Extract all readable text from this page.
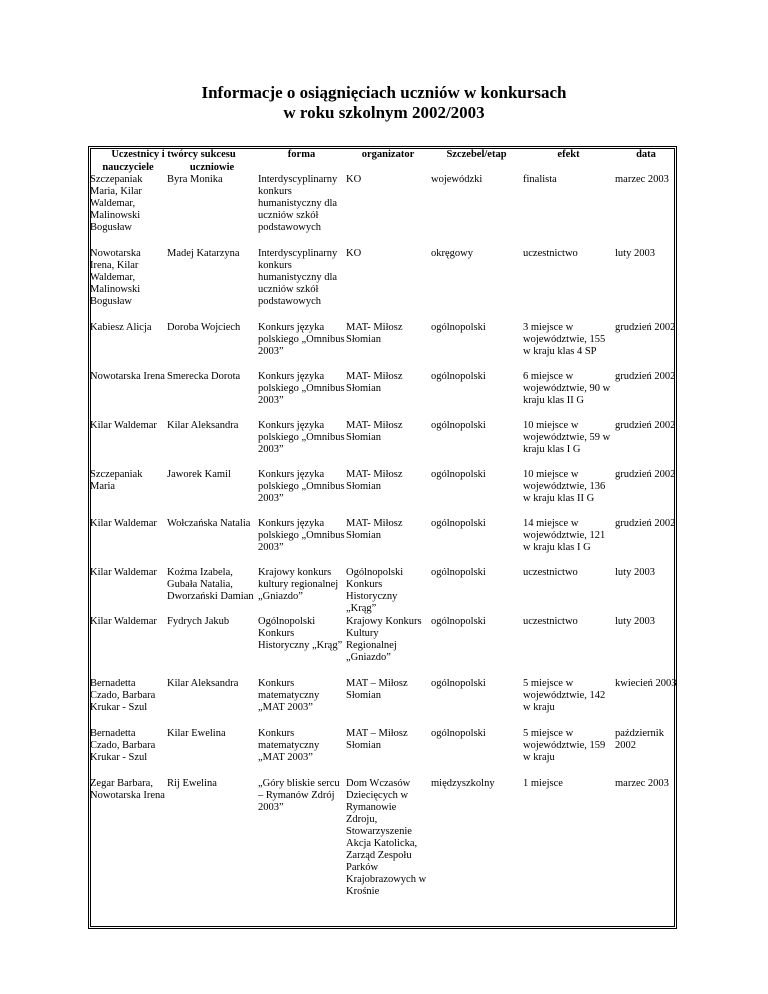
Informacje o osiągnięciach uczniów w konkursach
w roku szkolnym 2002/2003
Uczestnicy i twórcy sukcesu		forma	organizator	Szczebel/etap	efekt	data
nauczyciele	uczniowie					
Szczepaniak Maria, Kilar Waldemar, Malinowski Bogusław	Byra Monika	Interdyscyplinarny konkurs humanistyczny dla uczniów szkół podstawowych	KO	wojewódzki	finalista	marzec 2003
Nowotarska Irena, Kilar Waldemar, Malinowski Bogusław	Madej Katarzyna	Interdyscyplinarny konkurs humanistyczny dla uczniów szkół podstawowych	KO	okręgowy	uczestnictwo	luty 2003
Kabiesz Alicja	Doroba Wojciech	Konkurs języka polskiego „Omnibus 2003”	MAT- Miłosz Słomian	ogólnopolski	3 miejsce w województwie, 155 w kraju klas 4 SP	grudzień 2002
Nowotarska Irena	Smerecka Dorota	Konkurs języka polskiego „Omnibus 2003”	MAT- Miłosz Słomian	ogólnopolski	6 miejsce w województwie, 90 w kraju klas II G	grudzień 2002
Kilar Waldemar	Kilar Aleksandra	Konkurs języka polskiego „Omnibus 2003”	MAT- Miłosz Słomian	ogólnopolski	10 miejsce w województwie, 59 w kraju klas I G	grudzień 2002
Szczepaniak Maria	Jaworek Kamil	Konkurs języka polskiego „Omnibus 2003”	MAT- Miłosz Słomian	ogólnopolski	10 miejsce w województwie, 136 w kraju klas II G	grudzień 2002
Kilar Waldemar	Wołczańska Natalia	Konkurs języka polskiego „Omnibus 2003”	MAT- Miłosz Słomian	ogólnopolski	14 miejsce w województwie, 121 w kraju klas I G	grudzień 2002
Kilar Waldemar	Koźma Izabela, Gubała Natalia, Dworzański Damian	Krajowy konkurs kultury regionalnej „Gniazdo”	Ogólnopolski Konkurs Historyczny „Krąg”	ogólnopolski	uczestnictwo	luty 2003
Kilar Waldemar	Fydrych Jakub	Ogólnopolski Konkurs Historyczny „Krąg”	Krajowy Konkurs Kultury Regionalnej „Gniazdo”	ogólnopolski	uczestnictwo	luty 2003
Bernadetta Czado, Barbara Krukar - Szul	Kilar Aleksandra	Konkurs matematyczny „MAT 2003”	MAT – Miłosz Słomian	ogólnopolski	5 miejsce w województwie, 142 w kraju	kwiecień 2003
Bernadetta Czado, Barbara Krukar - Szul	Kilar Ewelina	Konkurs matematyczny „MAT 2003”	MAT – Miłosz Słomian	ogólnopolski	5 miejsce w województwie, 159 w kraju	październik 2002
Zegar Barbara, Nowotarska Irena	Rij Ewelina	„Góry bliskie sercu – Rymanów Zdrój 2003”	Dom Wczasów Dziecięcych w Rymanowie Zdroju, Stowarzyszenie Akcja Katolicka, Zarząd Zespołu Parków Krajobrazowych w Krośnie	międzyszkolny	1 miejsce	marzec 2003
